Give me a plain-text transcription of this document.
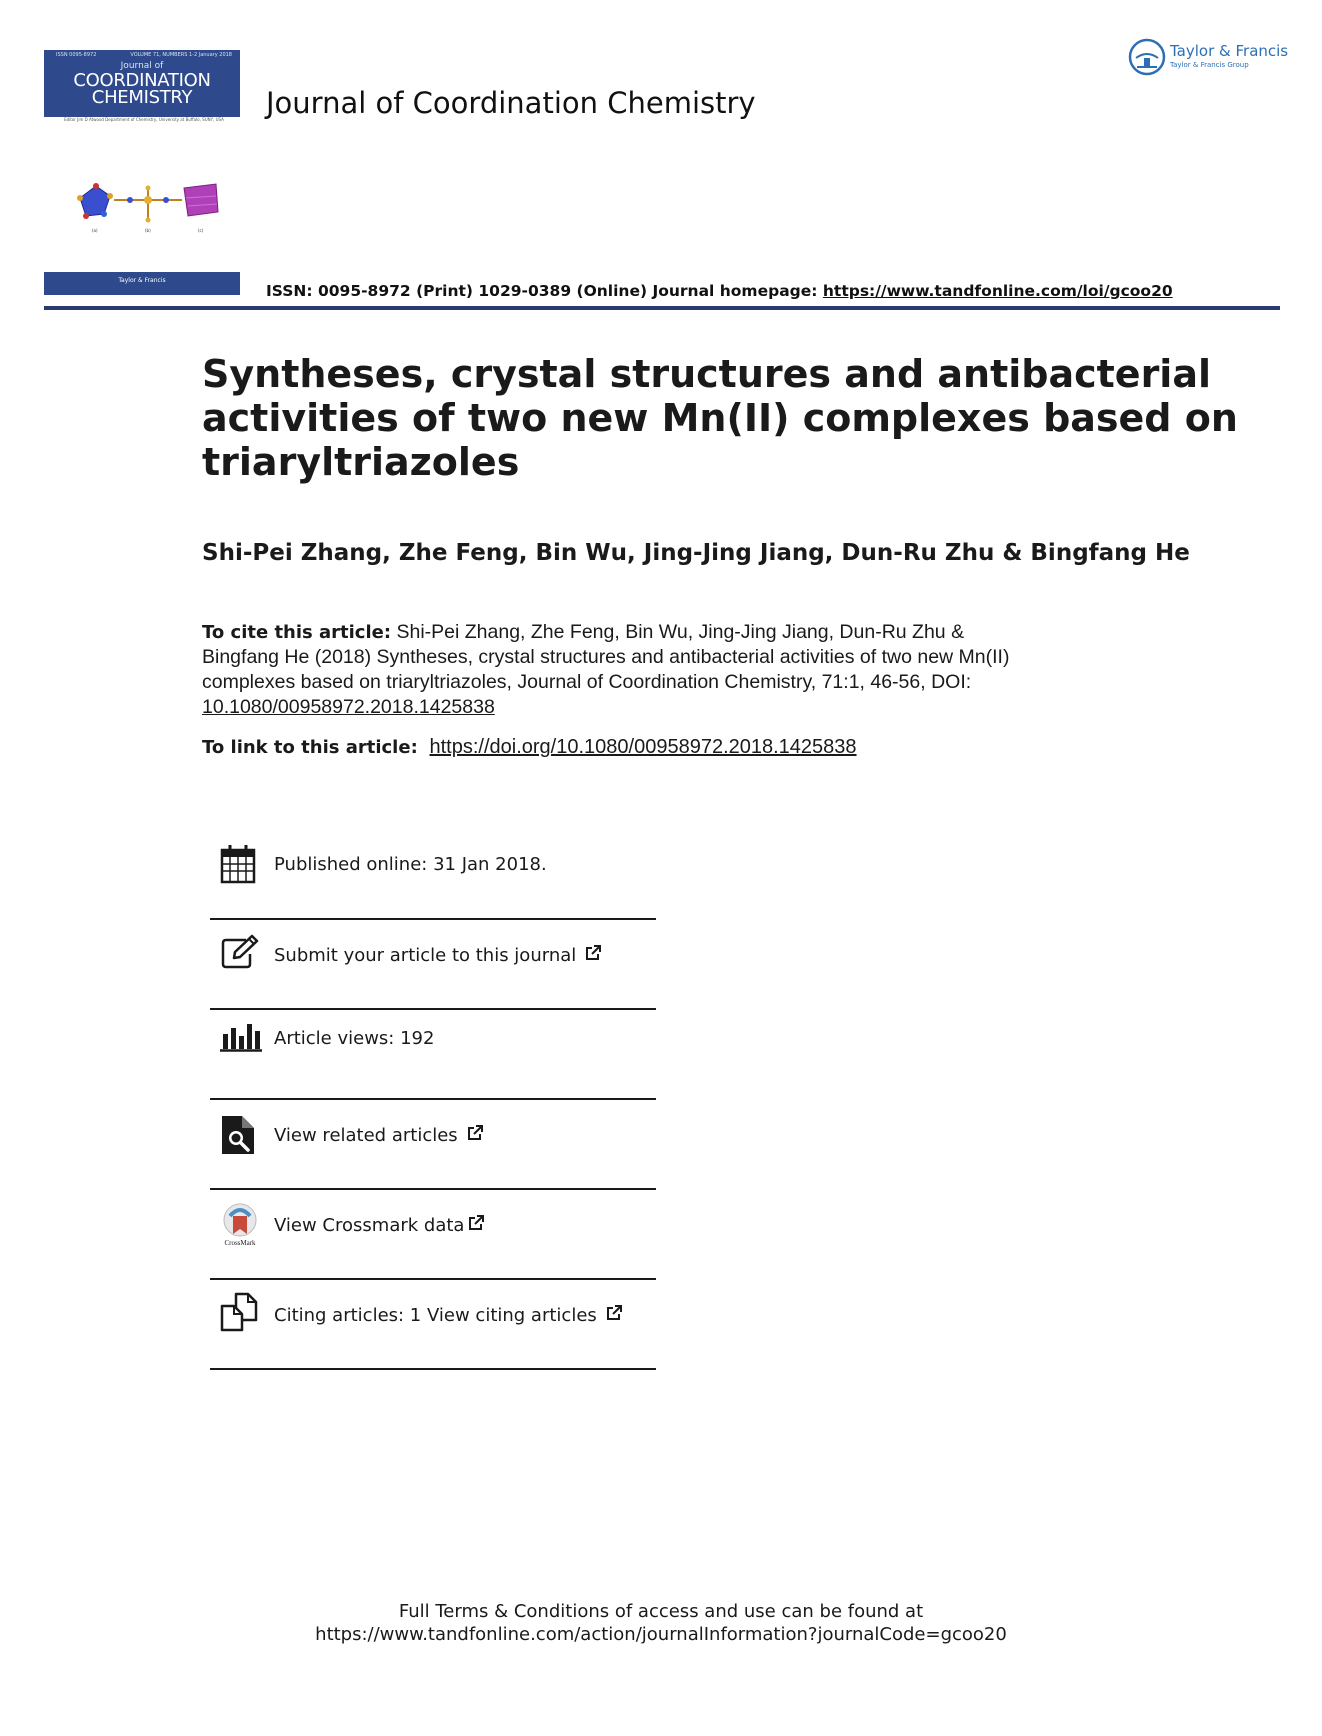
ISSN 0095-8972	VOLUME 71, NUMBERS 1-2 January 2018
Journal of
COORDINATION
CHEMISTRY
Editor Jim D Atwood Department of Chemistry, University at Buffalo, SUNY, USA
(a)	(b)	(c)
Taylor & Francis
Journal of Coordination Chemistry
Taylor & Francis
Taylor & Francis Group
ISSN: 0095-8972 (Print) 1029-0389 (Online) Journal homepage: https://www.tandfonline.com/loi/gcoo20
Syntheses, crystal structures and antibacterial
activities of two new Mn(II) complexes based on
triaryltriazoles
Shi-Pei Zhang, Zhe Feng, Bin Wu, Jing-Jing Jiang, Dun-Ru Zhu & Bingfang He
To cite this article: Shi-Pei Zhang, Zhe Feng, Bin Wu, Jing-Jing Jiang, Dun-Ru Zhu &
Bingfang He (2018) Syntheses, crystal structures and antibacterial activities of two new Mn(II)
complexes based on triaryltriazoles, Journal of Coordination Chemistry, 71:1, 46-56, DOI:
10.1080/00958972.2018.1425838
To link to this article: https://doi.org/10.1080/00958972.2018.1425838
Published online: 31 Jan 2018.
Submit your article to this journal
Article views: 192
View related articles
CrossMark
View Crossmark data
Citing articles: 1 View citing articles
Full Terms & Conditions of access and use can be found at
https://www.tandfonline.com/action/journalInformation?journalCode=gcoo20
